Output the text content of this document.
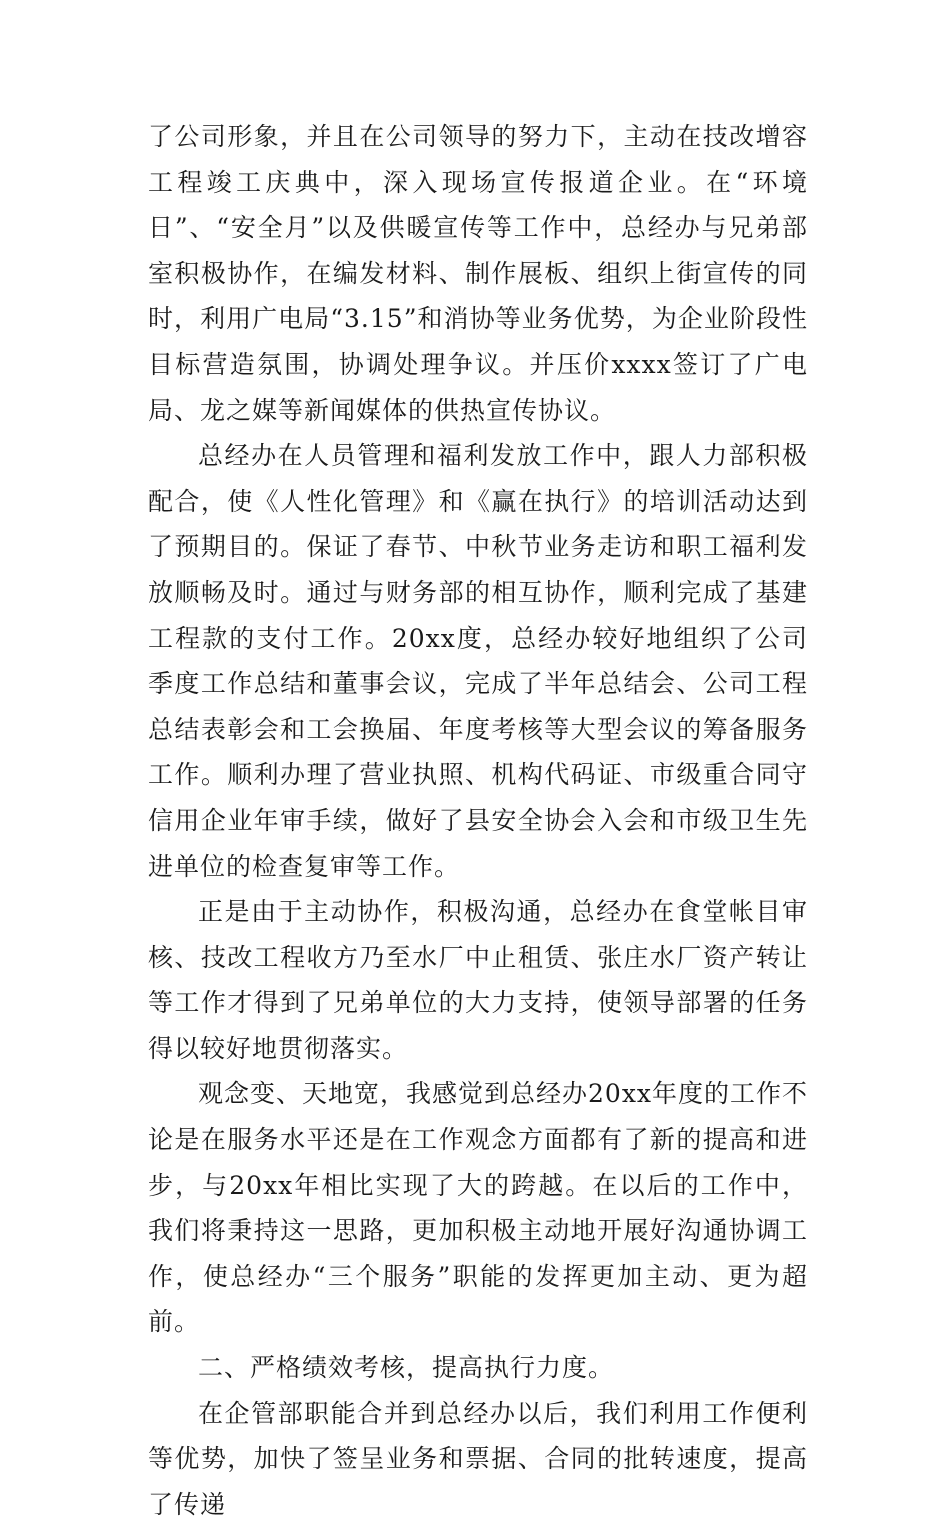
了公司形象，并且在公司领导的努力下，主动在技改增容工程竣工庆典中，深入现场宣传报道企业。在“环境日”、“安全月”以及供暖宣传等工作中，总经办与兄弟部室积极协作，在编发材料、制作展板、组织上街宣传的同时，利用广电局“3.15”和消协等业务优势，为企业阶段性目标营造氛围，协调处理争议。并压价xxxx签订了广电局、龙之媒等新闻媒体的供热宣传协议。

总经办在人员管理和福利发放工作中，跟人力部积极配合，使《人性化管理》和《赢在执行》的培训活动达到了预期目的。保证了春节、中秋节业务走访和职工福利发放顺畅及时。通过与财务部的相互协作，顺利完成了基建工程款的支付工作。20xx度，总经办较好地组织了公司季度工作总结和董事会议，完成了半年总结会、公司工程总结表彰会和工会换届、年度考核等大型会议的筹备服务工作。顺利办理了营业执照、机构代码证、市级重合同守信用企业年审手续，做好了县安全协会入会和市级卫生先进单位的检查复审等工作。

正是由于主动协作，积极沟通，总经办在食堂帐目审核、技改工程收方乃至水厂中止租赁、张庄水厂资产转让等工作才得到了兄弟单位的大力支持，使领导部署的任务得以较好地贯彻落实。

观念变、天地宽，我感觉到总经办20xx年度的工作不论是在服务水平还是在工作观念方面都有了新的提高和进步，与20xx年相比实现了大的跨越。在以后的工作中，我们将秉持这一思路，更加积极主动地开展好沟通协调工作，使总经办“三个服务”职能的发挥更加主动、更为超前。

二、严格绩效考核，提高执行力度。

在企管部职能合并到总经办以后，我们利用工作便利等优势，加快了签呈业务和票据、合同的批转速度，提高了传递
